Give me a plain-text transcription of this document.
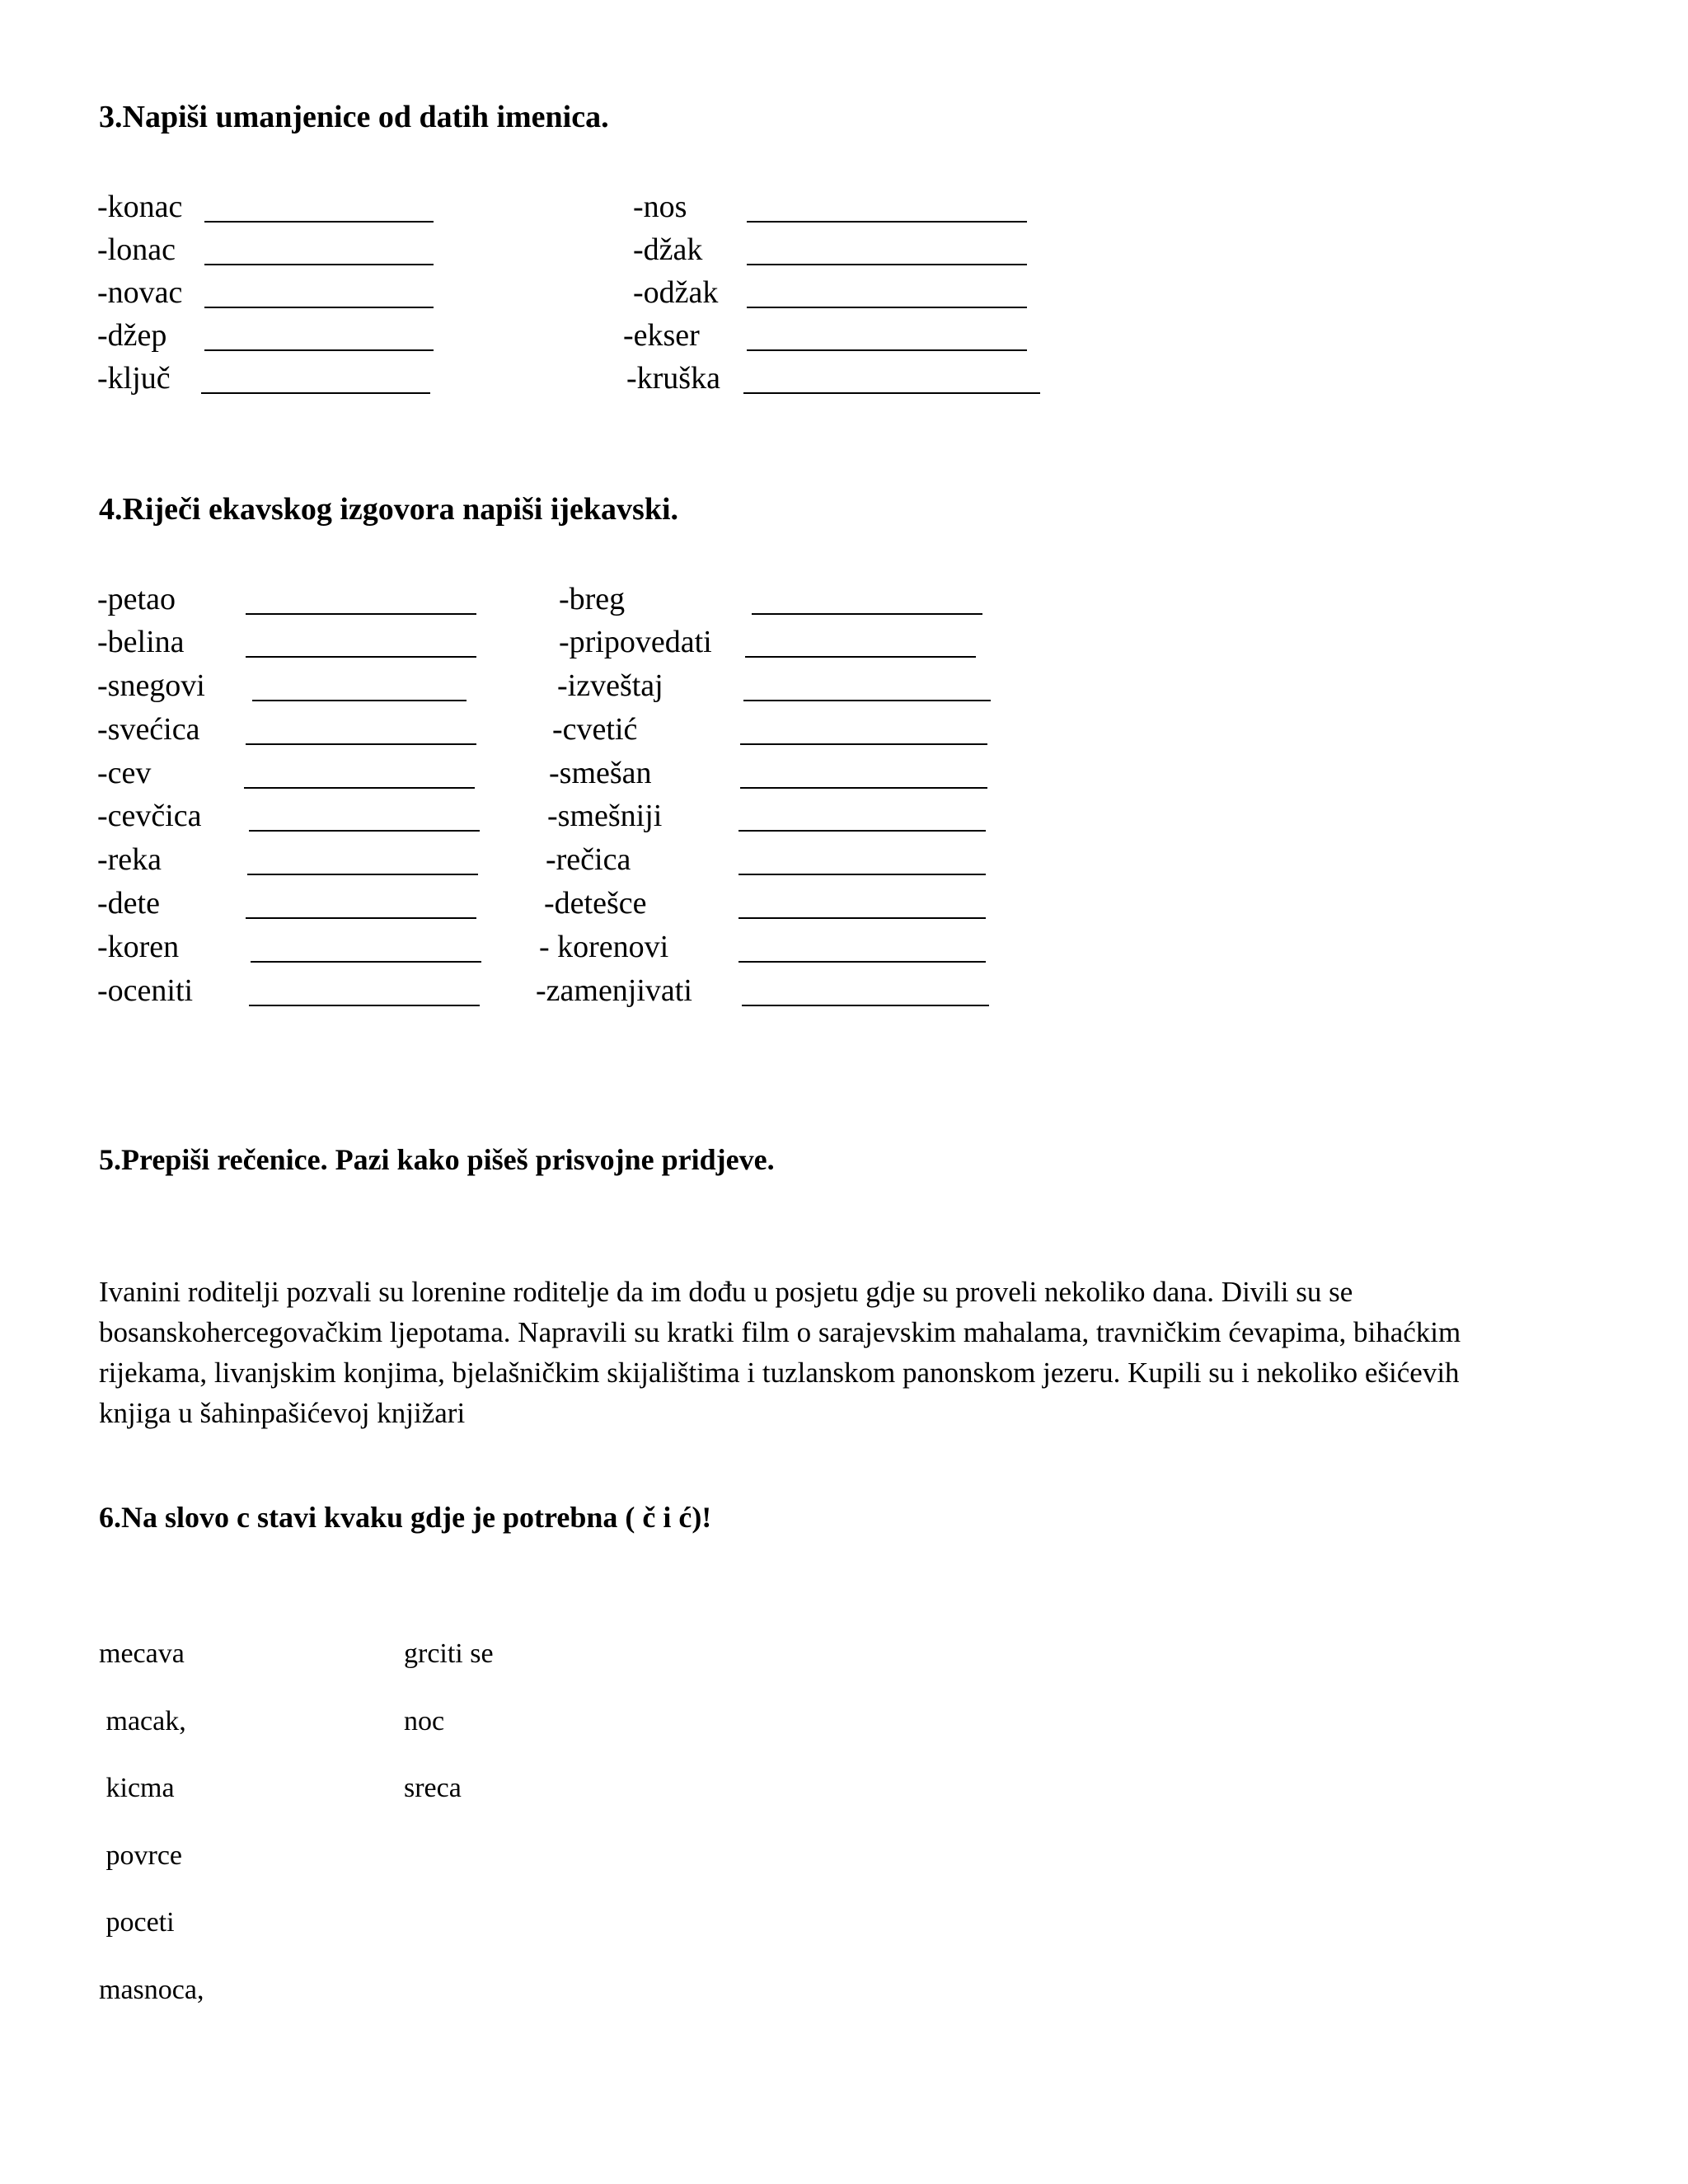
3.Napiši umanjenice od datih imenica.
-konac
-lonac
-novac
-džep
-ključ
-nos
-džak
-odžak
-ekser
-kruška
4.Riječi ekavskog izgovora napiši ijekavski.
-petao
-belina
-snegovi
-svećica
-cev
-cevčica
-reka
-dete
-koren
-oceniti
-breg
-pripovedati
-izveštaj
-cvetić
-smešan
-smešniji
-rečica
-detešce
- korenovi
-zamenjivati
5.Prepiši rečenice. Pazi kako pišeš prisvojne pridjeve.
Ivanini roditelji pozvali su lorenine roditelje da im dođu u posjetu gdje su proveli nekoliko dana. Divili su se
bosanskohercegovačkim ljepotama. Napravili su kratki film o sarajevskim mahalama, travničkim ćevapima, bihaćkim
rijekama, livanjskim konjima, bjelašničkim skijalištima i tuzlanskom panonskom jezeru. Kupili su i nekoliko ešićevih
knjiga u šahinpašićevoj knjižari
6.Na slovo c stavi kvaku gdje je potrebna ( č i ć)!
mecava
macak,
kicma
povrce
poceti
masnoca,
grciti se
noc
sreca
